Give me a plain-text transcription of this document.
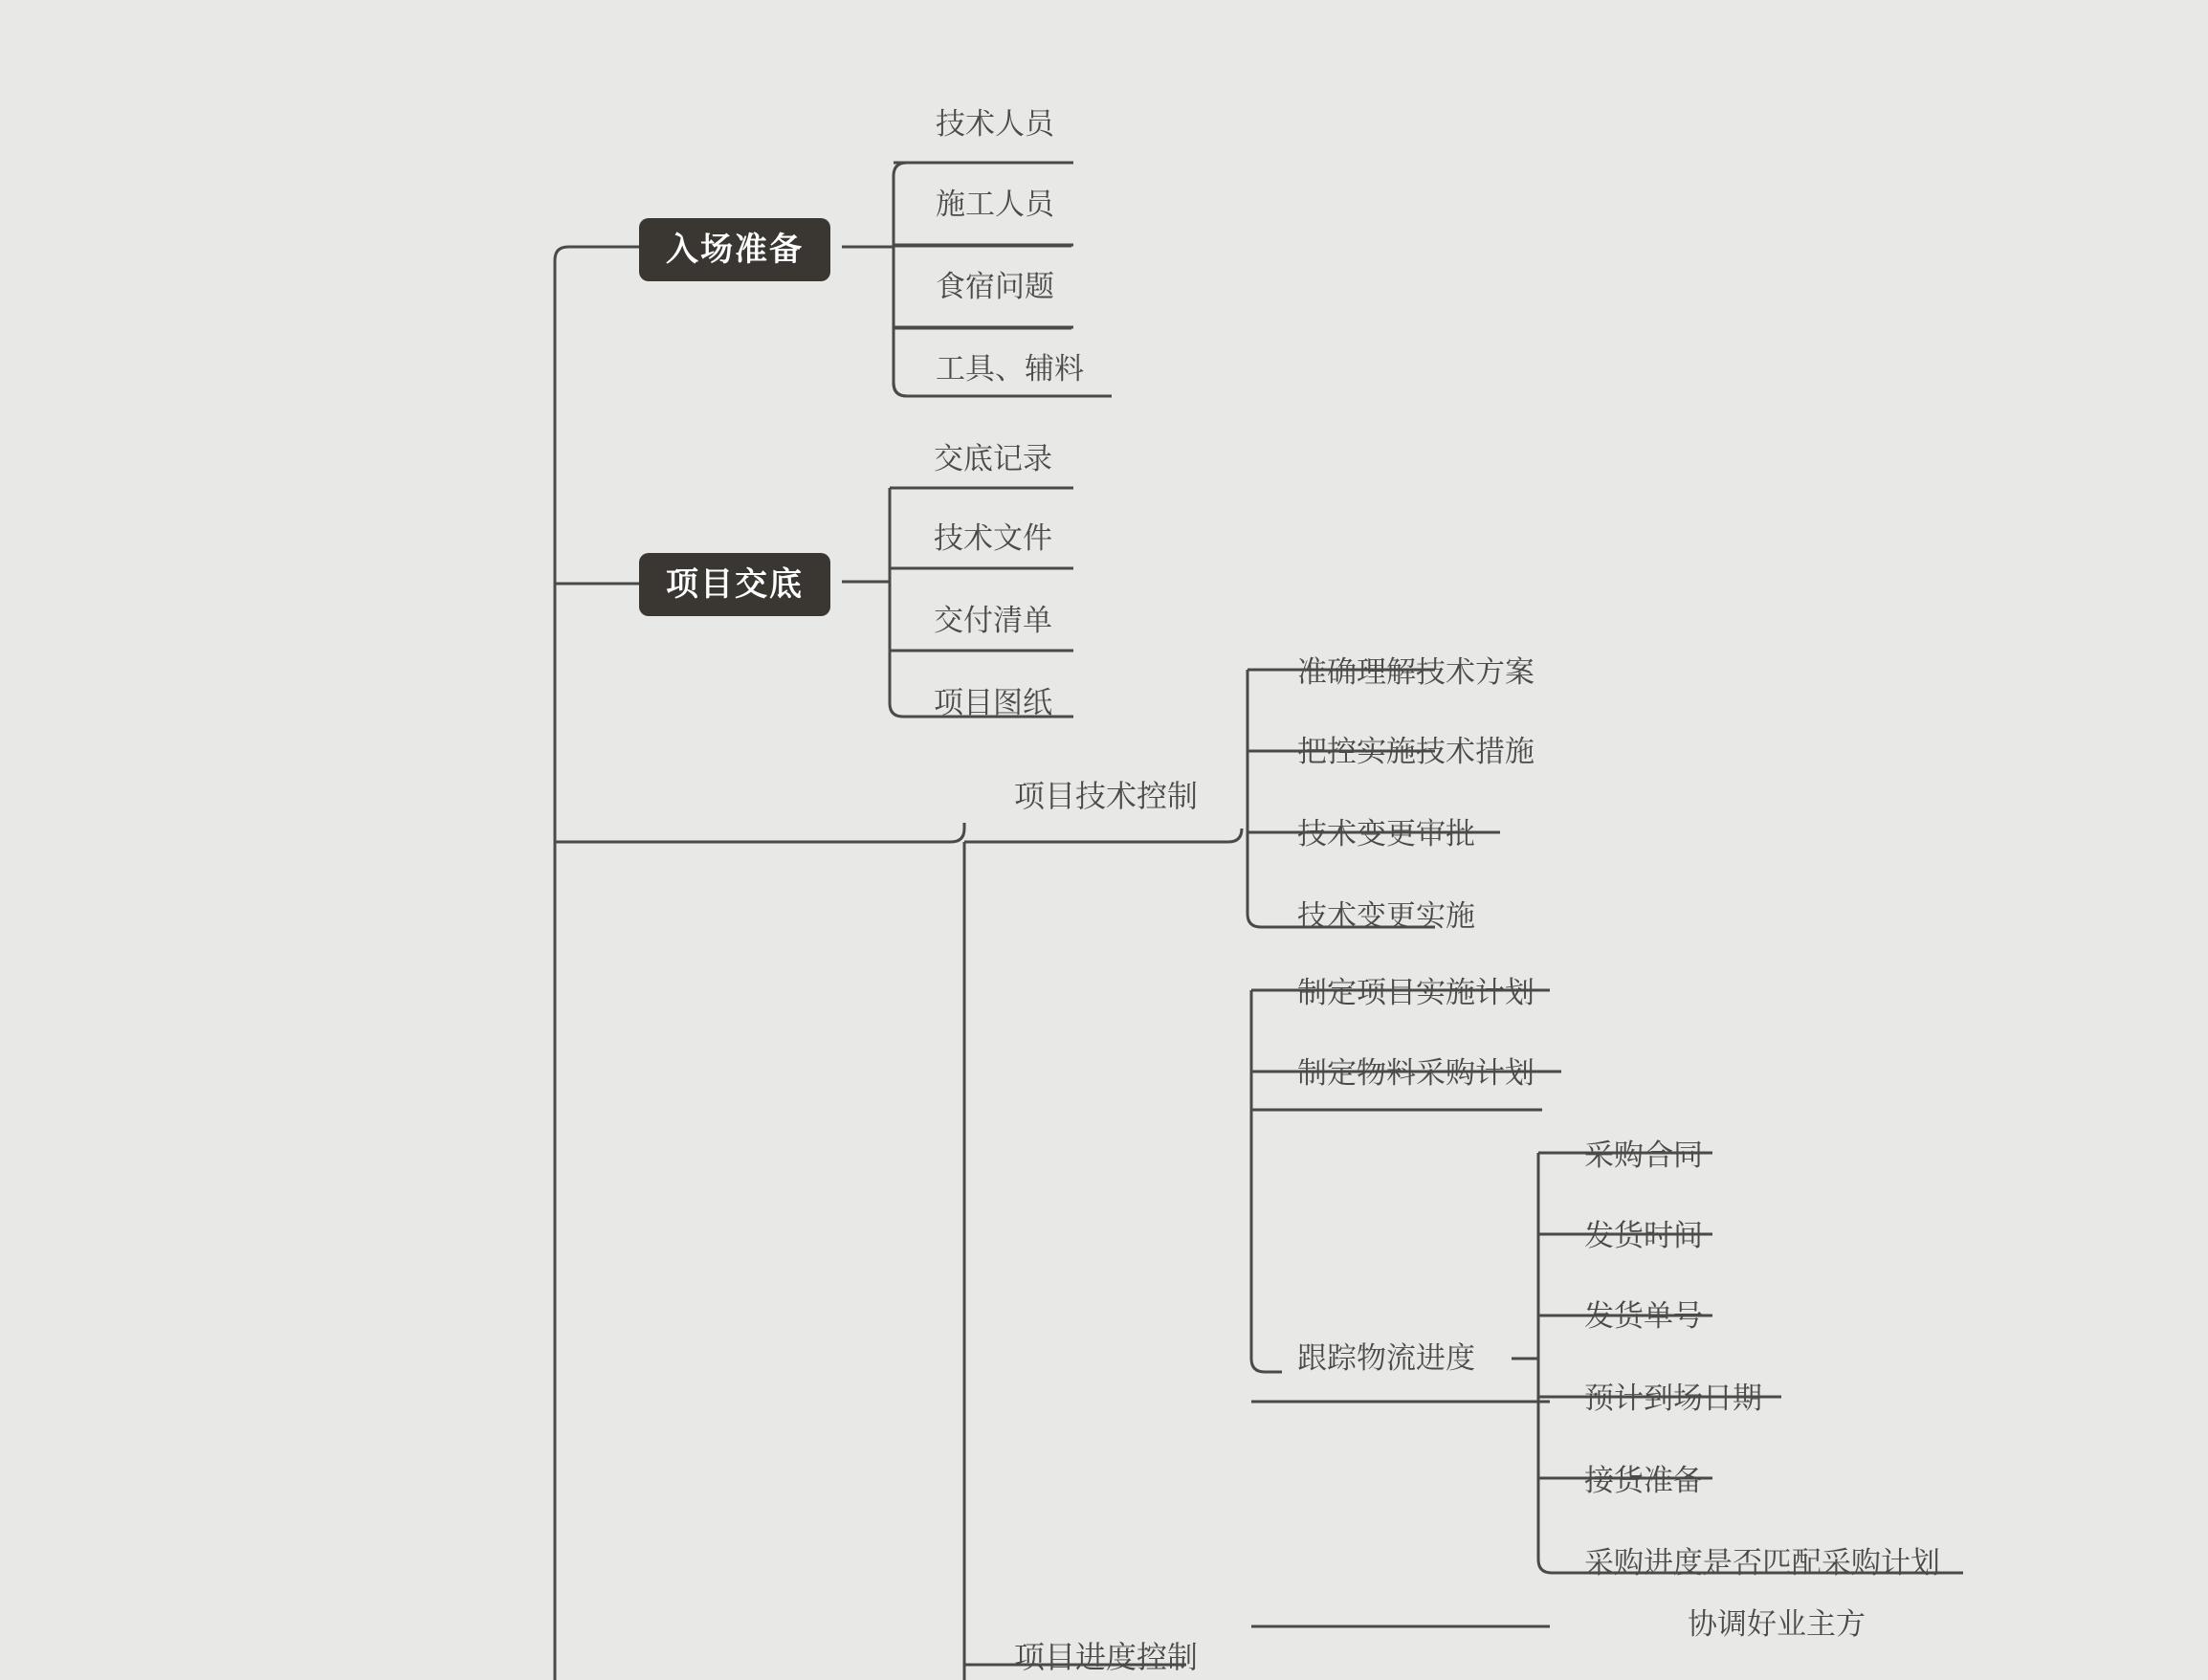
入场准备
技术人员
施工人员
食宿问题
工具、辅料
项目交底
交底记录
技术文件
交付清单
项目图纸
项目技术控制
准确理解技术方案
把控实施技术措施
技术变更审批
技术变更实施
项目进度控制
制定项目实施计划
制定物料采购计划
跟踪物流进度
协调好业主方
采购合同
发货时间
发货单号
预计到场日期
接货准备
采购进度是否匹配采购计划
